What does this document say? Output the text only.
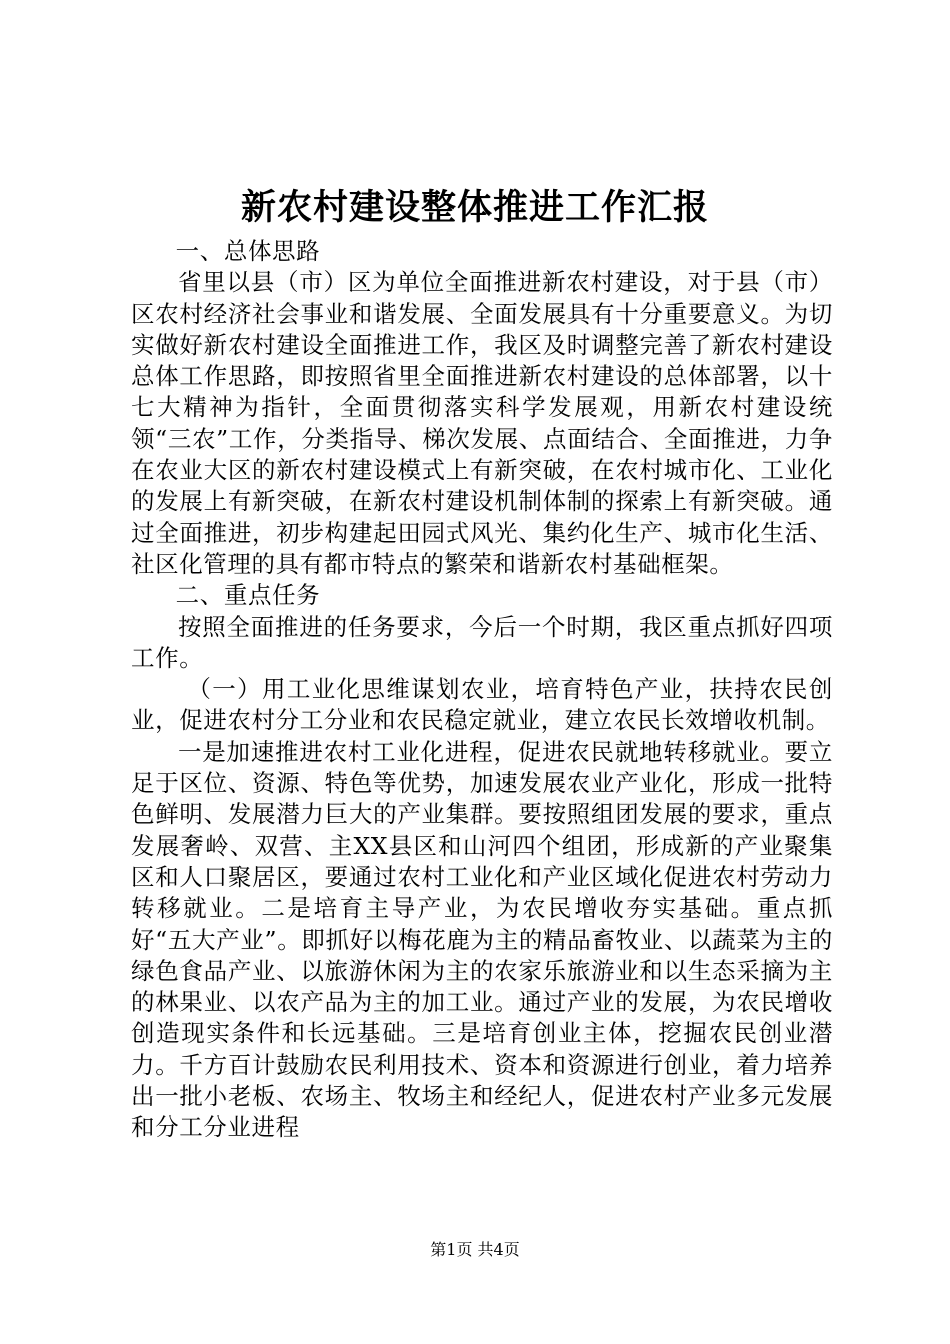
新农村建设整体推进工作汇报

一、总体思路

省里以县（市）区为单位全面推进新农村建设，对于县（市）区农村经济社会事业和谐发展、全面发展具有十分重要意义。为切实做好新农村建设全面推进工作，我区及时调整完善了新农村建设总体工作思路，即按照省里全面推进新农村建设的总体部署，以十七大精神为指针，全面贯彻落实科学发展观，用新农村建设统领“三农”工作，分类指导、梯次发展、点面结合、全面推进，力争在农业大区的新农村建设模式上有新突破，在农村城市化、工业化的发展上有新突破，在新农村建设机制体制的探索上有新突破。通过全面推进，初步构建起田园式风光、集约化生产、城市化生活、社区化管理的具有都市特点的繁荣和谐新农村基础框架。

二、重点任务

按照全面推进的任务要求，今后一个时期，我区重点抓好四项工作。

（一）用工业化思维谋划农业，培育特色产业，扶持农民创业，促进农村分工分业和农民稳定就业，建立农民长效增收机制。

一是加速推进农村工业化进程，促进农民就地转移就业。要立足于区位、资源、特色等优势，加速发展农业产业化，形成一批特色鲜明、发展潜力巨大的产业集群。要按照组团发展的要求，重点发展奢岭、双营、主XX县区和山河四个组团，形成新的产业聚集区和人口聚居区，要通过农村工业化和产业区域化促进农村劳动力转移就业。二是培育主导产业，为农民增收夯实基础。重点抓好“五大产业”。即抓好以梅花鹿为主的精品畜牧业、以蔬菜为主的绿色食品产业、以旅游休闲为主的农家乐旅游业和以生态采摘为主的林果业、以农产品为主的加工业。通过产业的发展，为农民增收创造现实条件和长远基础。三是培育创业主体，挖掘农民创业潜力。千方百计鼓励农民利用技术、资本和资源进行创业，着力培养出一批小老板、农场主、牧场主和经纪人，促进农村产业多元发展和分工分业进程

第1页 共4页
